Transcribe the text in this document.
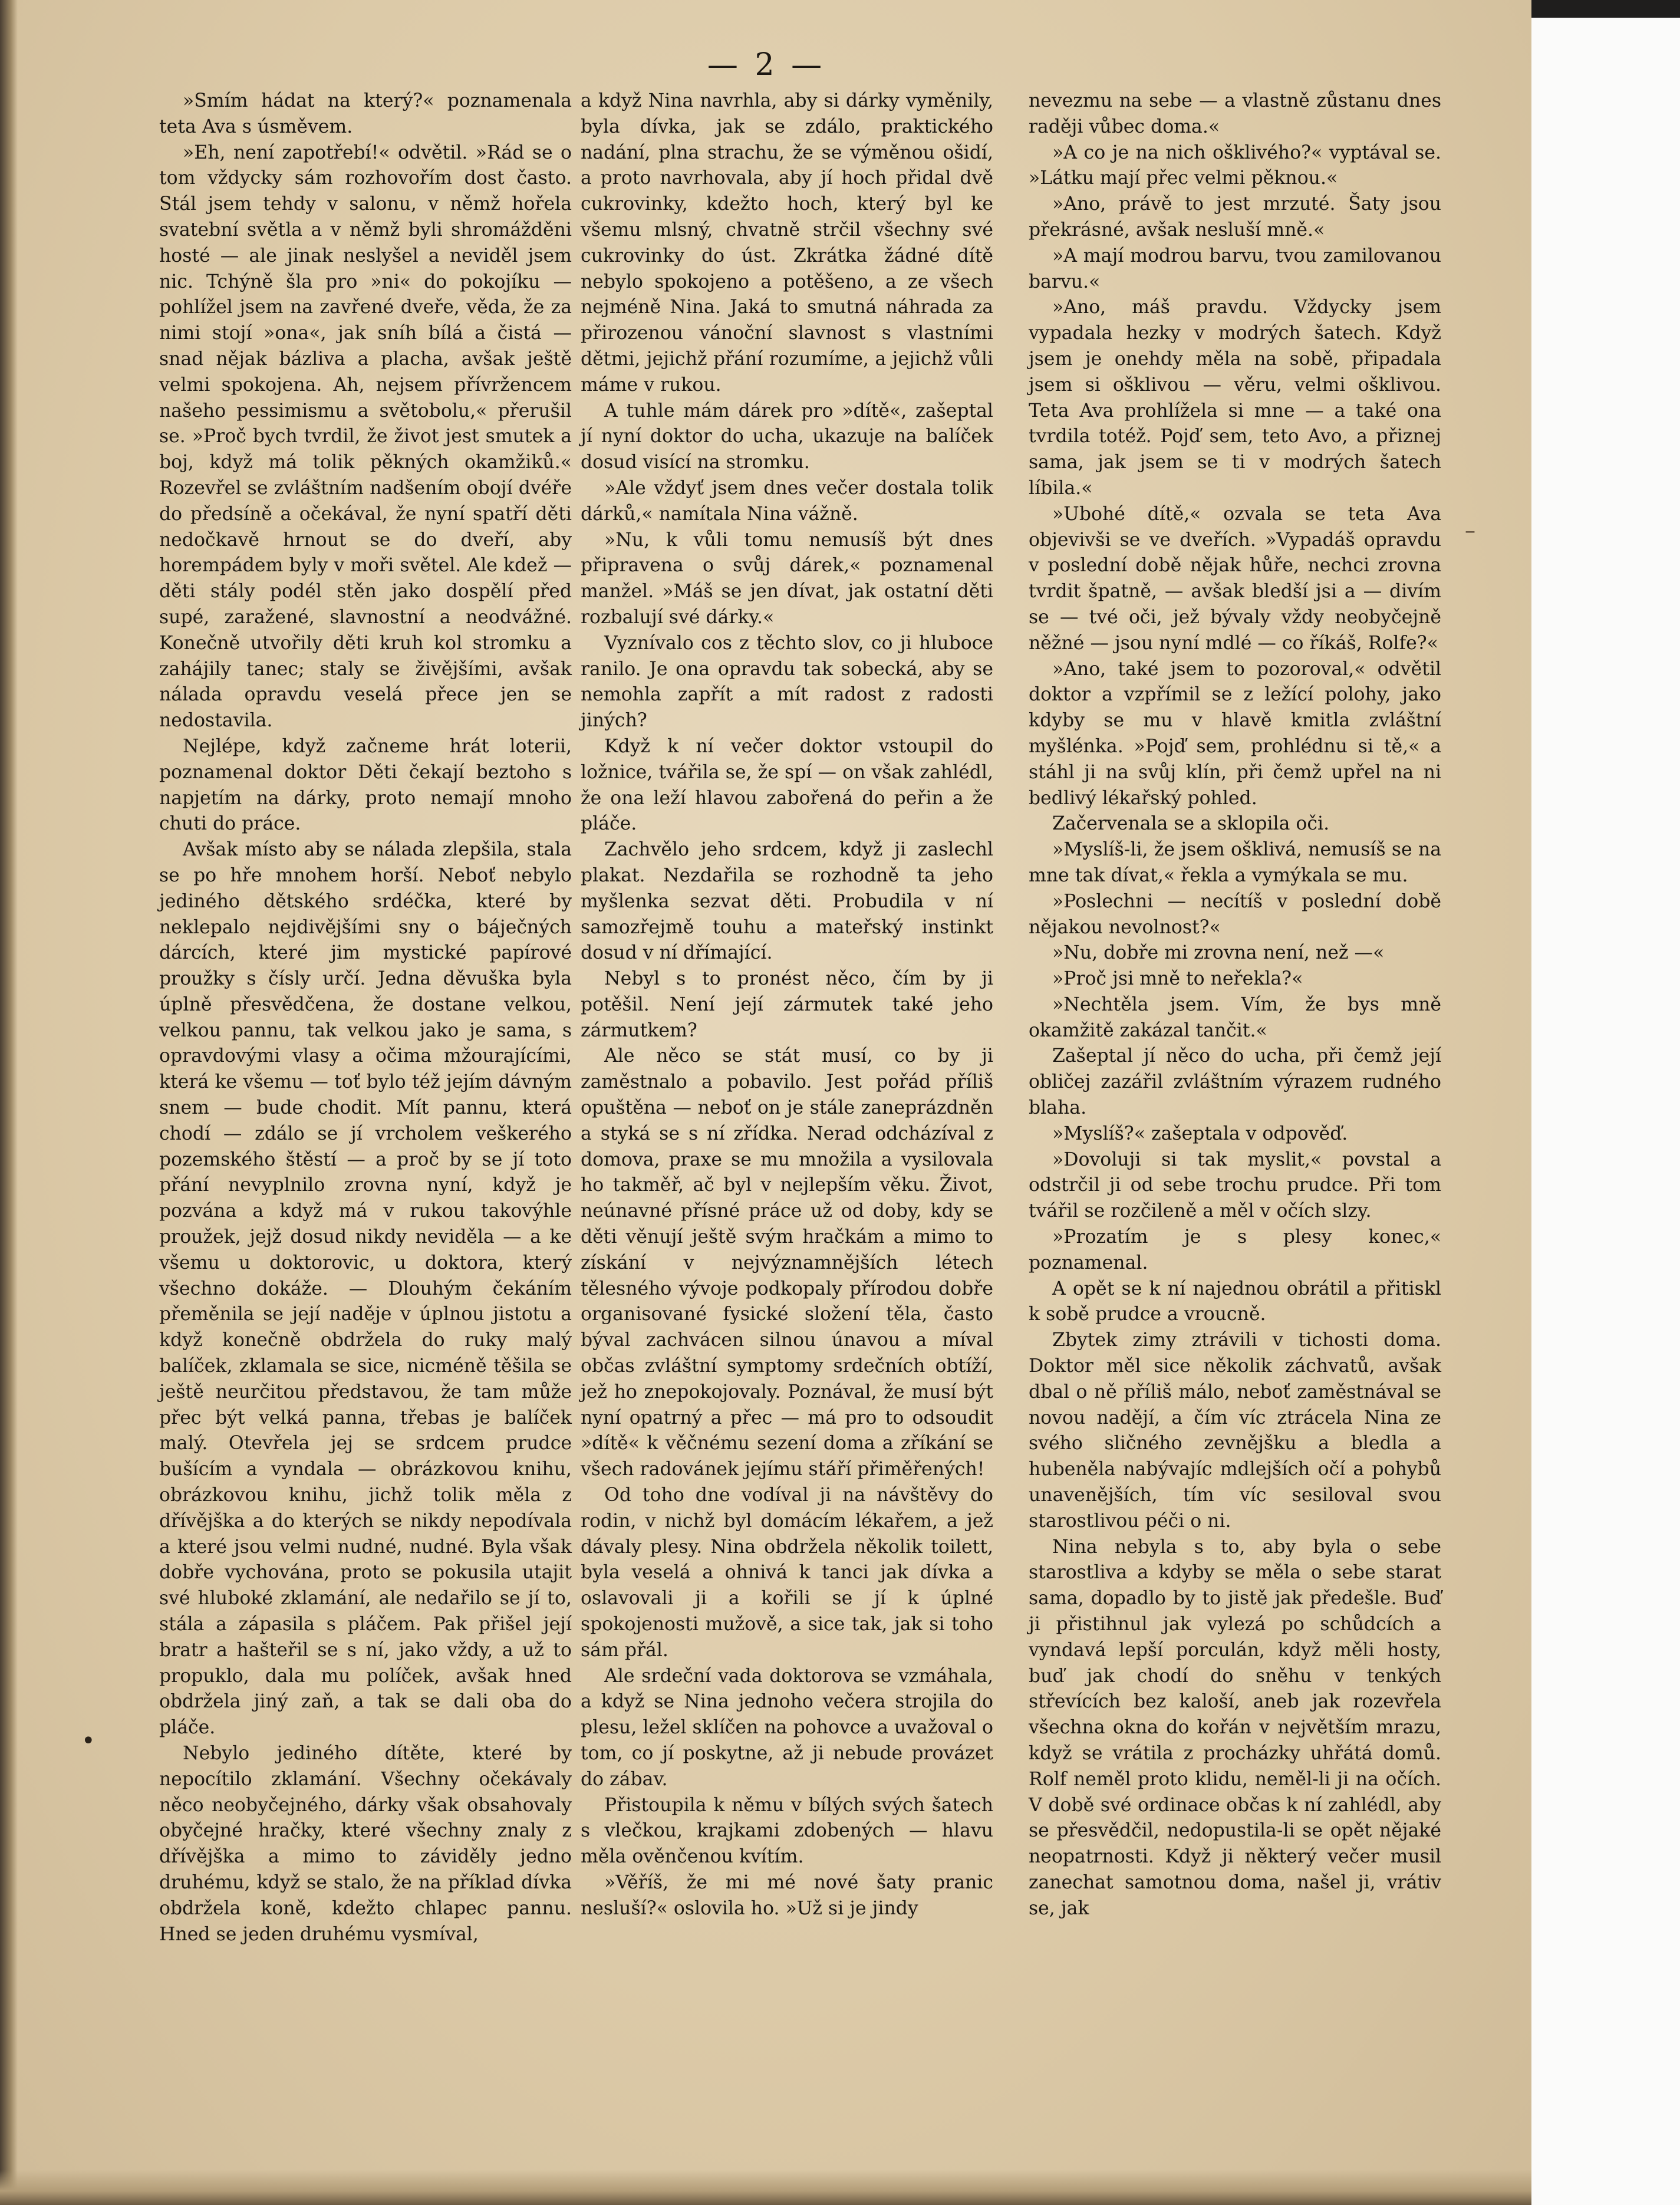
— 2 —

»Smím hádat na který?« poznamenala teta Ava s úsměvem.

»Eh, není zapotřebí!« odvětil. »Rád se o tom vždycky sám rozhovořím dost často. Stál jsem tehdy v salonu, v němž hořela svatební světla a v němž byli shromážděni hosté — ale jinak neslyšel a neviděl jsem nic. Tchýně šla pro »ni« do pokojíku — pohlížel jsem na zavřené dveře, věda, že za nimi stojí »ona«, jak sníh bílá a čistá — snad nějak bázliva a placha, avšak ještě velmi spokojena. Ah, nejsem přívržencem našeho pessimismu a světobolu,« přerušil se. »Proč bych tvrdil, že život jest smutek a boj, když má tolik pěkných okamžiků.« Rozevřel se zvláštním nadšením obojí dvéře do předsíně a očekával, že nyní spatří děti nedočkavě hrnout se do dveří, aby horempádem byly v moři světel. Ale kdež — děti stály podél stěn jako dospělí před supé, zaražené, slavnostní a neodvážné. Konečně utvořily děti kruh kol stromku a zahájily tanec; staly se živějšími, avšak nálada opravdu veselá přece jen se nedostavila.

Nejlépe, když začneme hrát loterii, poznamenal doktor Děti čekají beztoho s napjetím na dárky, proto nemají mnoho chuti do práce.

Avšak místo aby se nálada zlepšila, stala se po hře mnohem horší. Neboť nebylo jediného dětského srdéčka, které by neklepalo nejdivějšími sny o báječných dárcích, které jim mystické papírové proužky s čísly určí. Jedna děvuška byla úplně přesvědčena, že dostane velkou, velkou pannu, tak velkou jako je sama, s opravdovými vlasy a očima mžourajícími, která ke všemu — toť bylo též jejím dávným snem — bude chodit. Mít pannu, která chodí — zdálo se jí vrcholem veškerého pozemského štěstí — a proč by se jí toto přání nevyplnilo zrovna nyní, když je pozvána a když má v rukou takovýhle proužek, jejž dosud nikdy neviděla — a ke všemu u doktorovic, u doktora, který všechno dokáže. — Dlouhým čekáním přeměnila se její naděje v úplnou jistotu a když konečně obdržela do ruky malý balíček, zklamala se sice, nicméně těšila se ještě neurčitou představou, že tam může přec být velká panna, třebas je balíček malý. Otevřela jej se srdcem prudce bušícím a vyndala — obrázkovou knihu, obrázkovou knihu, jichž tolik měla z dřívějška a do kterých se nikdy nepodívala a které jsou velmi nudné, nudné. Byla však dobře vychována, proto se pokusila utajit své hluboké zklamání, ale nedařilo se jí to, stála a zápasila s pláčem. Pak přišel její bratr a hašteřil se s ní, jako vždy, a už to propuklo, dala mu políček, avšak hned obdržela jiný zaň, a tak se dali oba do pláče.

Nebylo jediného dítěte, které by nepocítilo zklamání. Všechny očekávaly něco neobyčejného, dárky však obsahovaly obyčejné hračky, které všechny znaly z dřívějška a mimo to záviděly jedno druhému, když se stalo, že na příklad dívka obdržela koně, kdežto chlapec pannu. Hned se jeden druhému vysmíval,

a když Nina navrhla, aby si dárky vyměnily, byla dívka, jak se zdálo, praktického nadání, plna strachu, že se výměnou ošidí, a proto navrhovala, aby jí hoch přidal dvě cukrovinky, kdežto hoch, který byl ke všemu mlsný, chvatně strčil všechny své cukrovinky do úst. Zkrátka žádné dítě nebylo spokojeno a potěšeno, a ze všech nejméně Nina. Jaká to smutná náhrada za přirozenou vánoční slavnost s vlastními dětmi, jejichž přání rozumíme, a jejichž vůli máme v rukou.

A tuhle mám dárek pro »dítě«, zašeptal jí nyní doktor do ucha, ukazuje na balíček dosud visící na stromku.

»Ale vždyť jsem dnes večer dostala tolik dárků,« namítala Nina vážně.

»Nu, k vůli tomu nemusíš být dnes připravena o svůj dárek,« poznamenal manžel. »Máš se jen dívat, jak ostatní děti rozbalují své dárky.«

Vyznívalo cos z těchto slov, co ji hluboce ranilo. Je ona opravdu tak sobecká, aby se nemohla zapřít a mít radost z radosti jiných?

Když k ní večer doktor vstoupil do ložnice, tvářila se, že spí — on však zahlédl, že ona leží hlavou zabořená do peřin a že pláče.

Zachvělo jeho srdcem, když ji zaslechl plakat. Nezdařila se rozhodně ta jeho myšlenka sezvat děti. Probudila v ní samozřejmě touhu a mateřský instinkt dosud v ní dřímající.

Nebyl s to pronést něco, čím by ji potěšil. Není její zármutek také jeho zármutkem?

Ale něco se stát musí, co by ji zaměstnalo a pobavilo. Jest pořád příliš opuštěna — neboť on je stále zaneprázdněn a styká se s ní zřídka. Nerad odcházíval z domova, praxe se mu množila a vysilovala ho takměř, ač byl v nejlepším věku. Život, neúnavné přísné práce už od doby, kdy se děti věnují ještě svým hračkám a mimo to získání v nejvýznamnějších létech tělesného vývoje podkopaly přírodou dobře organisované fysické složení těla, často býval zachvácen silnou únavou a míval občas zvláštní symptomy srdečních obtíží, jež ho znepokojovaly. Poznával, že musí být nyní opatrný a přec — má pro to odsoudit »dítě« k věčnému sezení doma a zříkání se všech radovánek jejímu stáří přiměřených!

Od toho dne vodíval ji na návštěvy do rodin, v nichž byl domácím lékařem, a jež dávaly plesy. Nina obdržela několik toilett, byla veselá a ohnivá k tanci jak dívka a oslavovali ji a kořili se jí k úplné spokojenosti mužově, a sice tak, jak si toho sám přál.

Ale srdeční vada doktorova se vzmáhala, a když se Nina jednoho večera strojila do plesu, ležel sklíčen na pohovce a uvažoval o tom, co jí poskytne, až ji nebude provázet do zábav.

Přistoupila k němu v bílých svých šatech s vlečkou, krajkami zdobených — hlavu měla ověnčenou kvítím.

»Věříš, že mi mé nové šaty pranic nesluší?« oslovila ho. »Už si je jindy

nevezmu na sebe — a vlastně zůstanu dnes raději vůbec doma.«

»A co je na nich ošklivého?« vyptával se. »Látku mají přec velmi pěknou.«

»Ano, právě to jest mrzuté. Šaty jsou překrásné, avšak nesluší mně.«

»A mají modrou barvu, tvou zamilovanou barvu.«

»Ano, máš pravdu. Vždycky jsem vypadala hezky v modrých šatech. Když jsem je onehdy měla na sobě, připadala jsem si ošklivou — věru, velmi ošklivou. Teta Ava prohlížela si mne — a také ona tvrdila totéž. Pojď sem, teto Avo, a přiznej sama, jak jsem se ti v modrých šatech líbila.«

»Ubohé dítě,« ozvala se teta Ava objevivši se ve dveřích. »Vypadáš opravdu v poslední době nějak hůře, nechci zrovna tvrdit špatně, — avšak bledší jsi a — divím se — tvé oči, jež bývaly vždy neobyčejně něžné — jsou nyní mdlé — co říkáš, Rolfe?«

»Ano, také jsem to pozoroval,« odvětil doktor a vzpřímil se z ležící polohy, jako kdyby se mu v hlavě kmitla zvláštní myšlénka. »Pojď sem, prohlédnu si tě,« a stáhl ji na svůj klín, při čemž upřel na ni bedlivý lékařský pohled.

Začervenala se a sklopila oči.

»Myslíš-li, že jsem ošklivá, nemusíš se na mne tak dívat,« řekla a vymýkala se mu.

»Poslechni — necítíš v poslední době nějakou nevolnost?«

»Nu, dobře mi zrovna není, než —«

»Proč jsi mně to neřekla?«

»Nechtěla jsem. Vím, že bys mně okamžitě zakázal tančit.«

Zašeptal jí něco do ucha, při čemž její obličej zazářil zvláštním výrazem rudného blaha.

»Myslíš?« zašeptala v odpověď.

»Dovoluji si tak myslit,« povstal a odstrčil ji od sebe trochu prudce. Při tom tvářil se rozčileně a měl v očích slzy.

»Prozatím je s plesy konec,« poznamenal.

A opět se k ní najednou obrátil a přitiskl k sobě prudce a vroucně.

Zbytek zimy ztrávili v tichosti doma. Doktor měl sice několik záchvatů, avšak dbal o ně příliš málo, neboť zaměstnával se novou nadějí, a čím víc ztrácela Nina ze svého sličného zevnějšku a bledla a hubeněla nabývajíc mdlejších očí a pohybů unavenějších, tím víc sesiloval svou starostlivou péči o ni.

Nina nebyla s to, aby byla o sebe starostliva a kdyby se měla o sebe starat sama, dopadlo by to jistě jak předešle. Buď ji přistihnul jak vylezá po schůdcích a vyndavá lepší porculán, když měli hosty, buď jak chodí do sněhu v tenkých střevících bez kaloší, aneb jak rozevřela všechna okna do kořán v největším mrazu, když se vrátila z procházky uhřátá domů. Rolf neměl proto klidu, neměl-li ji na očích. V době své ordinace občas k ní zahlédl, aby se přesvědčil, nedopustila-li se opět nějaké neopatrnosti. Když ji některý večer musil zanechat samotnou doma, našel ji, vrátiv se, jak

•
–
